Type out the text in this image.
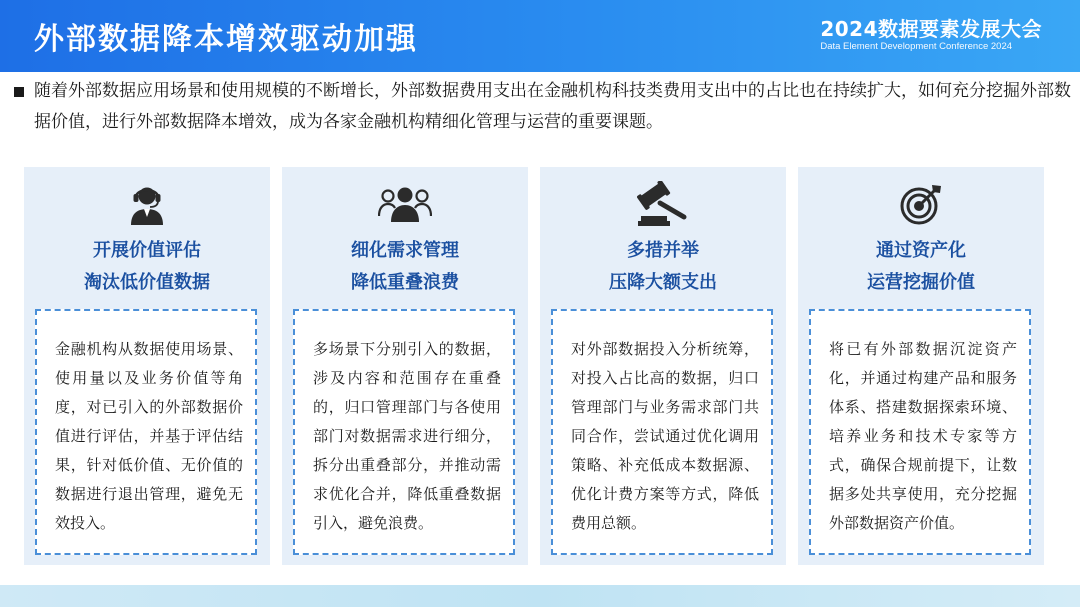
外部数据降本增效驱动加强	2024数据要素发展大会
Data Element Development Conference 2024
随着外部数据应用场景和使用规模的不断增长，外部数据费用支出在金融机构科技类费用支出中的占比也在持续扩大，如何充分挖掘外部数据价值，进行外部数据降本增效，成为各家金融机构精细化管理与运营的重要课题。
开展价值评估
淘汰低价值数据
金融机构从数据使用场景、使用量以及业务价值等角度，对已引入的外部数据价值进行评估，并基于评估结果，针对低价值、无价值的数据进行退出管理，避免无效投入。
细化需求管理
降低重叠浪费
多场景下分别引入的数据，涉及内容和范围存在重叠的，归口管理部门与各使用部门对数据需求进行细分，拆分出重叠部分，并推动需求优化合并，降低重叠数据引入，避免浪费。
多措并举
压降大额支出
对外部数据投入分析统筹，对投入占比高的数据，归口管理部门与业务需求部门共同合作，尝试通过优化调用策略、补充低成本数据源、优化计费方案等方式，降低费用总额。
通过资产化
运营挖掘价值
将已有外部数据沉淀资产化，并通过构建产品和服务体系、搭建数据探索环境、培养业务和技术专家等方式，确保合规前提下，让数据多处共享使用，充分挖掘外部数据资产价值。
